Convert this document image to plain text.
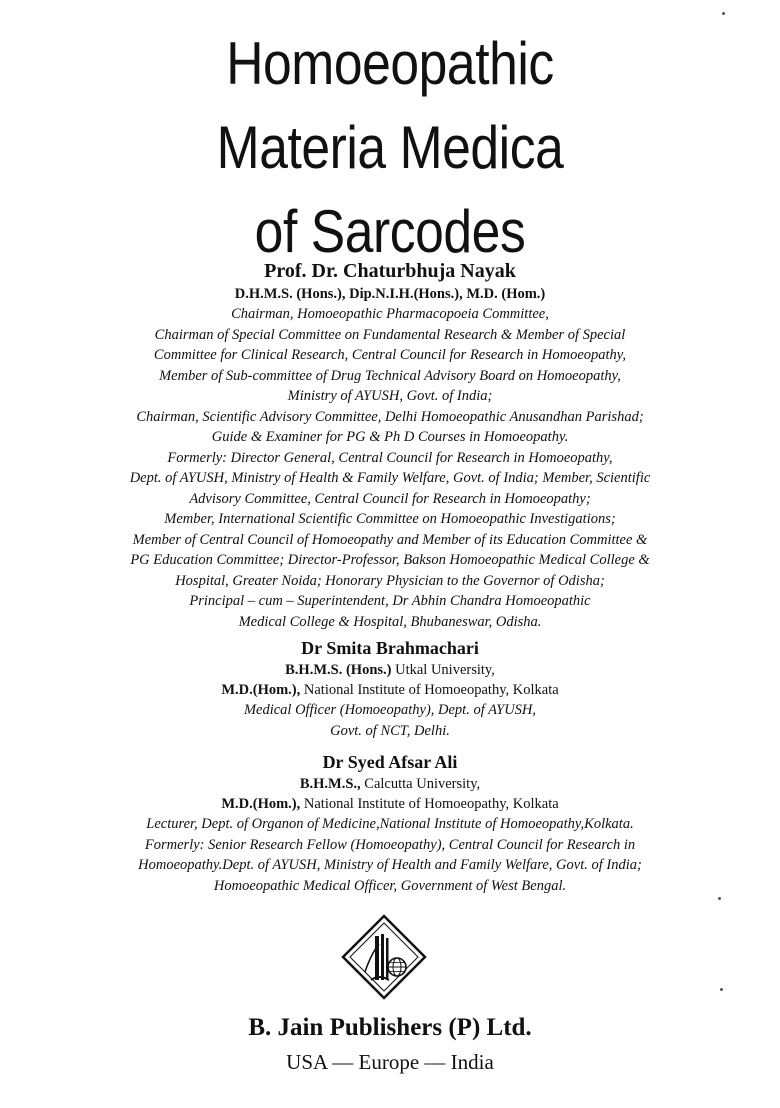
Homoeopathic
Materia Medica
of Sarcodes
Prof. Dr. Chaturbhuja Nayak
D.H.M.S. (Hons.), Dip.N.I.H.(Hons.), M.D. (Hom.)
Chairman, Homoeopathic Pharmacopoeia Committee,
Chairman of Special Committee on Fundamental Research & Member of Special
Committee for Clinical Research, Central Council for Research in Homoeopathy,
Member of Sub-committee of Drug Technical Advisory Board on Homoeopathy,
Ministry of AYUSH, Govt. of India;
Chairman, Scientific Advisory Committee, Delhi Homoeopathic Anusandhan Parishad;
Guide & Examiner for PG & Ph D Courses in Homoeopathy.
Formerly: Director General, Central Council for Research in Homoeopathy,
Dept. of AYUSH, Ministry of Health & Family Welfare, Govt. of India; Member, Scientific
Advisory Committee, Central Council for Research in Homoeopathy;
Member, International Scientific Committee on Homoeopathic Investigations;
Member of Central Council of Homoeopathy and Member of its Education Committee &
PG Education Committee; Director-Professor, Bakson Homoeopathic Medical College &
Hospital, Greater Noida; Honorary Physician to the Governor of Odisha;
Principal – cum – Superintendent, Dr Abhin Chandra Homoeopathic
Medical College & Hospital, Bhubaneswar, Odisha.
Dr Smita Brahmachari
B.H.M.S. (Hons.) Utkal University,
M.D.(Hom.), National Institute of Homoeopathy, Kolkata
Medical Officer (Homoeopathy), Dept. of AYUSH,
Govt. of NCT, Delhi.
Dr Syed Afsar Ali
B.H.M.S., Calcutta University,
M.D.(Hom.), National Institute of Homoeopathy, Kolkata
Lecturer, Dept. of Organon of Medicine,National Institute of Homoeopathy,Kolkata.
Formerly: Senior Research Fellow (Homoeopathy), Central Council for Research in
Homoeopathy.Dept. of AYUSH, Ministry of Health and Family Welfare, Govt. of India;
Homoeopathic Medical Officer, Government of West Bengal.
B. Jain Publishers (P) Ltd.
USA — Europe — India
